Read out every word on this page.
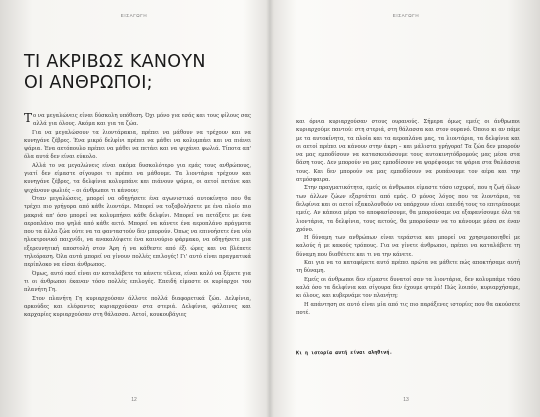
ΕΙΣΑΓΩΓΗ
ΤΙ ΑΚΡΙΒΩΣ ΚΑΝΟΥΝ
ΟΙ ΑΝΘΡΩΠΟΙ;

Το να μεγαλώνεις είναι δύσκολη υπόθεση. Όχι μόνο για εσάς και τους φίλους σας αλλά για όλους. Ακόμα και για τα ζώα.

Για να μεγαλώσουν τα λιοντάρακια, πρέπει να μάθουν να τρέχουν και να κυνηγάνε ζέβρες. Ένα μικρό δελφίνι πρέπει να μάθει να κολυμπάει και να πιάνει ψάρια. Ένα αετόπουλο πρέπει να μάθει να πετάει και να ψιχάνει φωλιά. Τίποτα απ' όλα αυτά δεν είναι εύκολο.

Αλλά το να μεγαλώνεις είναι ακόμα δυσκολότερο για εμάς τους ανθρώπους, γιατί δεν είμαστε σίγουροι τι πρέπει να μάθουμε. Τα λιοντάρια τρέχουν και κυνηγάνε ζέβρες, τα δελφίνια κολυμπάνε και πιάνουν ψάρια, οι αετοί πετάνε και ψιχάνουν φωλιές – οι άνθρωποι τι κάνουν;

Όταν μεγαλώσεις, μπορεί να οδηγήσετε ένα αγωνιστικό αυτοκίνητο που θα τρέχει πιο γρήγορα από κάθε λιοντάρι. Μπορεί να τοξοβολήσετε με ένα πλοίο πιο μακριά απ' όσο μπορεί να κολυμπήσει κάθε δελφίνι. Μπορεί να πετάξετε με ένα αεροπλάνο πιο ψηλά από κάθε αετό. Μπορεί να κάνετε ένα αεροπλάνο πράγματα που τα άλλα ζώα ούτε να τα φανταστούν δεν μπορούν. Όπως να επινοήσετε ένα νέο ηλεκτρονικό παιχνίδι, να ανακαλύψετε ένα καινούριο φάρμακο, να οδηγήσετε μια εξερευνητική αποστολή στον Άρη ή να κάθεστε από έξι ώρες και να βλέπετε τηλεόραση. Όλα αυτά μπορεί να γίνουν πολλές επιλογές! Γι' αυτό είναι πραγματικά περίπλοκο να είσαι άνθρωπος.

Όμως, αυτό εκεί είναι αν καταλάβετε τα κάνετε τέλεια, είναι καλό να ξέρετε για τι οι άνθρωποι έκαναν τόσο πολλές επιλογές. Επειδή είμαστε οι κυρίαρχοι του πλανήτη Γη.

Στον πλανήτη Γη κυριαρχούσαν άλλοτε πολλά διαφορετικά ζώα. Δελφίνια, αρκούδες και ελέφαντες κυριαρχούσαν στα στεριά. Δελφίνια, φάλαινες και καρχαρίες κυριαρχούσαν στη θάλασσα. Αετοί, κουκουβάγιες

12
ΕΙΣΑΓΩΓΗ

και όρνια κυριαρχούσαν στους ουρανούς. Σήμερα όμως εμείς οι άνθρωποι κυριαρχούμε παντού: στη στεριά, στη θάλασσα και στον ουρανό. Όποιο κι αν πάμε με τα αυτοκίνητα, τα πλοία και τα αεροπλάνα μας, τα λιοντάρια, τα δελφίνια και οι αετοί πρέπει να κάνουν στην άκρη – και μάλιστα γρήγορα! Τα ζώα δεν μπορούν να μας εμποδίσουν να κατασκευάσουμε τους αυτοκινητόδρομούς μας μέσα στα δάση τους. Δεν μπορούν να μας εμποδίσουν να ψαρέψουμε τα ψάρια στα θαλάσσια τους. Και δεν μπορούν να μας εμποδίσουν να ρυπάνουμε τον αέρα και την ατμόσφαιρα.

Στην πραγματικότητα, εμείς οι άνθρωποι είμαστε τόσο ισχυροί, που η ζωή όλων των άλλων ζώων εξαρτάται από εμάς. Ο μόνος λόγος που τα λιοντάρια, τα δελφίνια και οι αετοί εξακολουθούν να υπάρχουν είναι επειδή τους το επιτρέπουμε εμείς. Αν κάποια μέρα το αποφασίσουμε, θα μπορούσαμε να εξαφανίσουμε όλα τα λιοντάρια, τα δελφίνια, τους αετούς, θα μπορούσαν να το κάνουμε μέσα σε έναν χρόνο.

Η δύναμη των ανθρώπων είναι τεράστια και μπορεί να χρησιμοποιηθεί με καλούς ή με κακούς τρόπους. Για να γίνετε άνθρωποι, πρέπει να καταλάβετε τη δύναμη που διαθέτετε και τι να την κάνετε.

Και για να το καταφέρετε αυτό πρέπει πρώτα να μάθετε πώς αποκτήσαμε αυτή τη δύναμη.

Εμείς οι άνθρωποι δεν είμαστε δυνατοί σαν τα λιοντάρια, δεν κολυμπάμε τόσο καλά όσο τα δελφίνια και σίγουρα δεν έχουμε φτερά! Πώς λοιπόν, κυριαρχήσαμε, κι όλους, και κυβερνάμε τον πλανήτη;

Η απάντηση σε αυτό είναι μία από τις πιο παράξενες ιστορίες που θα ακούσετε ποτέ.

Κι η ιστορία αυτή είναι αληθινή.
13
